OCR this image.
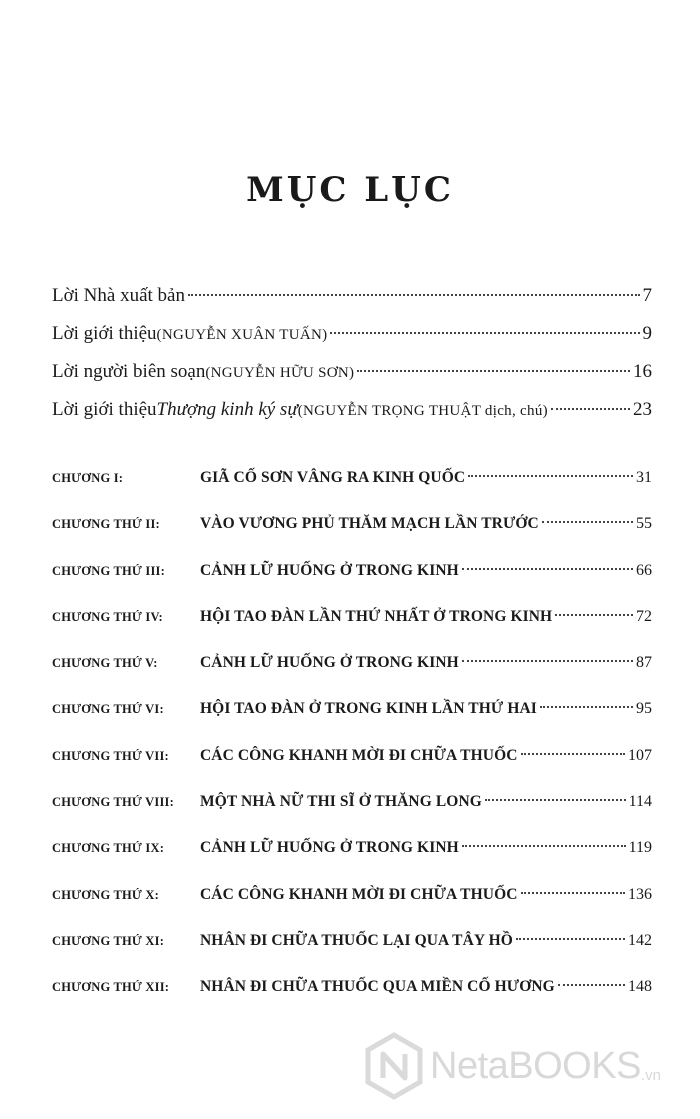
MỤC LỤC
Lời Nhà xuất bản	7
Lời giới thiệu (NGUYỄN XUÂN TUẤN)	9
Lời người biên soạn (NGUYỄN HỮU SƠN)	16
Lời giới thiệu Thượng kinh ký sự (NGUYỄN TRỌNG THUẬT dịch, chú)	23
CHƯƠNG I:	GIÃ CỐ SƠN VÂNG RA KINH QUỐC	31
CHƯƠNG THỨ II:	VÀO VƯƠNG PHỦ THĂM MẠCH LẦN TRƯỚC	55
CHƯƠNG THỨ III:	CẢNH LỮ HUỐNG Ở TRONG KINH	66
CHƯƠNG THỨ IV:	HỘI TAO ĐÀN LẦN THỨ NHẤT Ở TRONG KINH	72
CHƯƠNG THỨ V:	CẢNH LỮ HUỐNG Ở TRONG KINH	87
CHƯƠNG THỨ VI:	HỘI TAO ĐÀN Ở TRONG KINH LẦN THỨ HAI	95
CHƯƠNG THỨ VII:	CÁC CÔNG KHANH MỜI ĐI CHỮA THUỐC	107
CHƯƠNG THỨ VIII:	MỘT NHÀ NỮ THI SĨ Ở THĂNG LONG	114
CHƯƠNG THỨ IX:	CẢNH LỮ HUỐNG Ở TRONG KINH	119
CHƯƠNG THỨ X:	CÁC CÔNG KHANH MỜI ĐI CHỮA THUỐC	136
CHƯƠNG THỨ XI:	NHÂN ĐI CHỮA THUỐC LẠI QUA TÂY HỒ	142
CHƯƠNG THỨ XII:	NHÂN ĐI CHỮA THUỐC QUA MIỀN CỐ HƯƠNG	148
NetaBOOKS .vn
